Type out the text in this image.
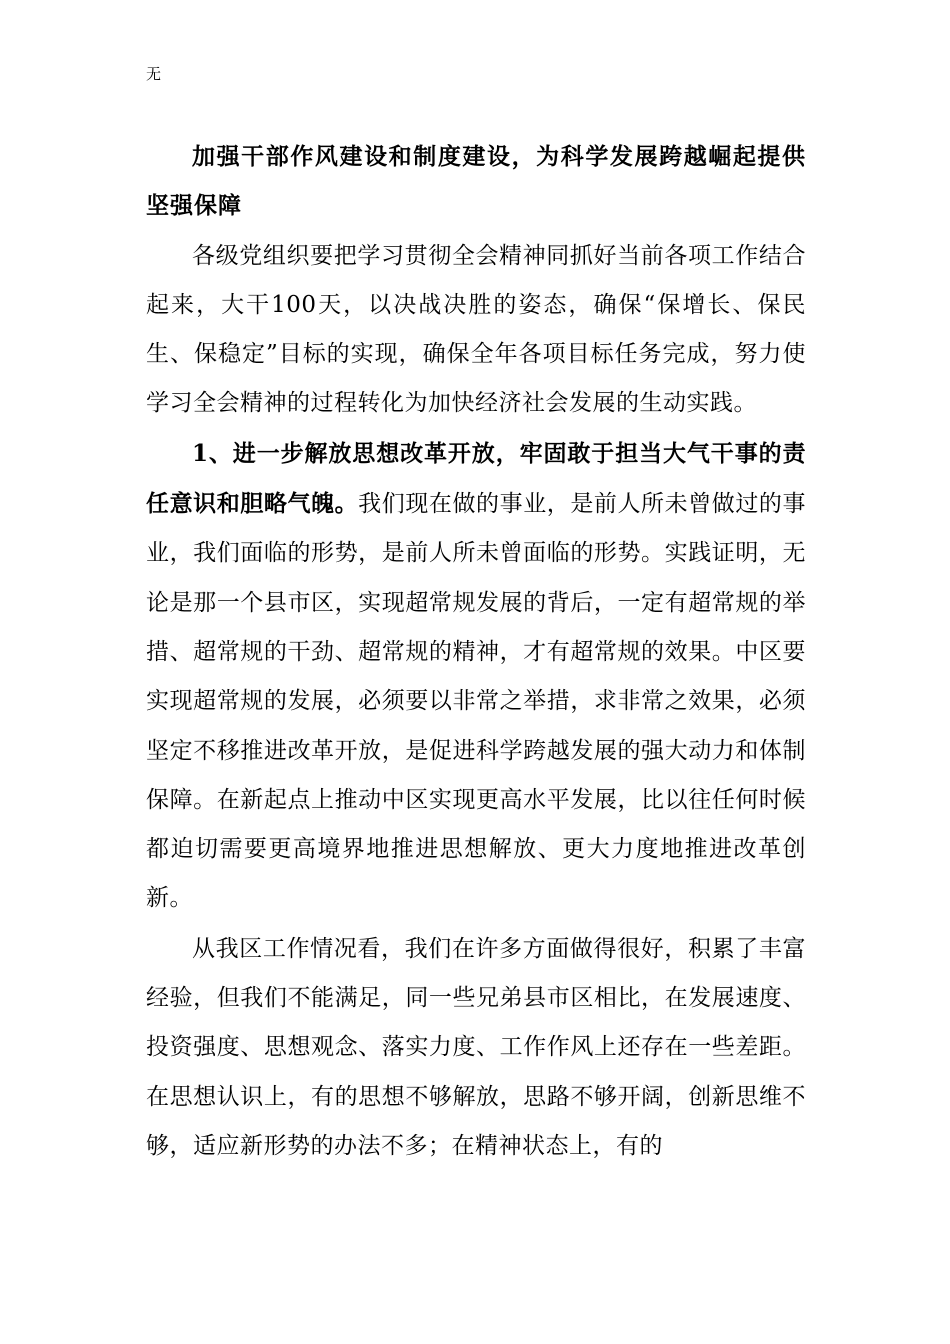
无

加强干部作风建设和制度建设，为科学发展跨越崛起提供坚强保障

各级党组织要把学习贯彻全会精神同抓好当前各项工作结合起来，大干100天，以决战决胜的姿态，确保“保增长、保民生、保稳定”目标的实现，确保全年各项目标任务完成，努力使学习全会精神的过程转化为加快经济社会发展的生动实践。

1、进一步解放思想改革开放，牢固敢于担当大气干事的责任意识和胆略气魄。我们现在做的事业，是前人所未曾做过的事业，我们面临的形势，是前人所未曾面临的形势。实践证明，无论是那一个县市区，实现超常规发展的背后，一定有超常规的举措、超常规的干劲、超常规的精神，才有超常规的效果。中区要实现超常规的发展，必须要以非常之举措，求非常之效果，必须坚定不移推进改革开放，是促进科学跨越发展的强大动力和体制保障。在新起点上推动中区实现更高水平发展，比以往任何时候都迫切需要更高境界地推进思想解放、更大力度地推进改革创新。

从我区工作情况看，我们在许多方面做得很好，积累了丰富经验，但我们不能满足，同一些兄弟县市区相比，在发展速度、投资强度、思想观念、落实力度、工作作风上还存在一些差距。在思想认识上，有的思想不够解放，思路不够开阔，创新思维不够，适应新形势的办法不多；在精神状态上，有的
